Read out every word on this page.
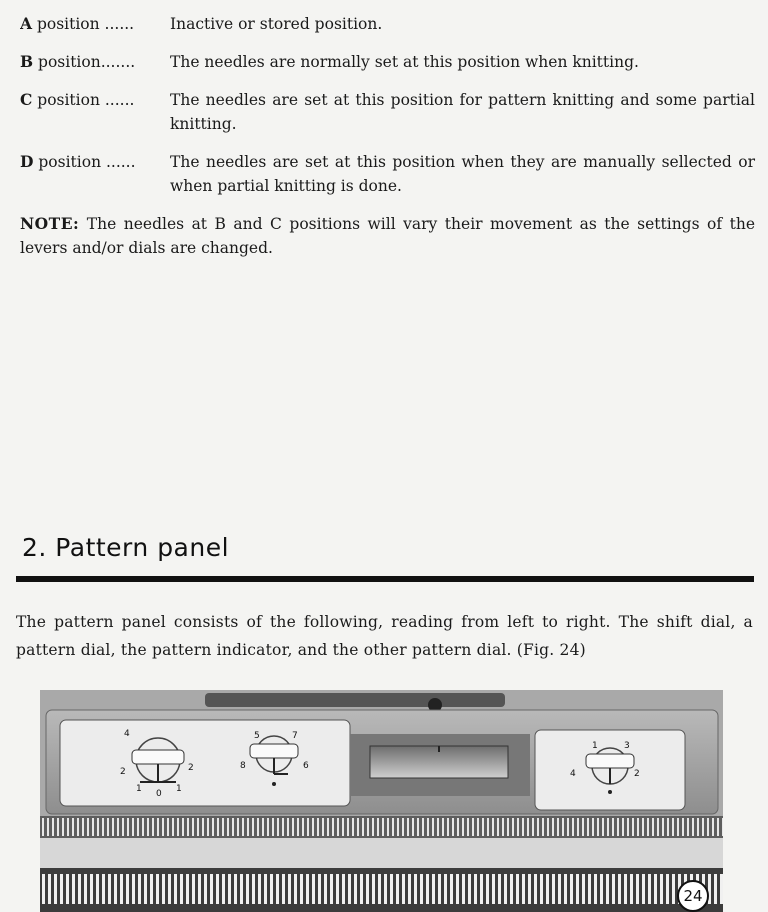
A position ......	Inactive or stored position.
B position.......	The needles are normally set at this position when knitting.
C position ......	The needles are set at this position for pattern knitting and some partial knitting.
D position ......	The needles are set at this position when they are manually sellected or when partial knitting is done.
NOTE: The needles at B and C positions will vary their movement as the settings of the levers and/or dials are changed.
2. Pattern panel
The pattern panel consists of the following, reading from left to right. The shift dial, a pattern dial, the pattern indicator, and the other pattern dial. (Fig. 24)
4
2
2
1 0 1
5	7
8	6
1	3
4	2
24
